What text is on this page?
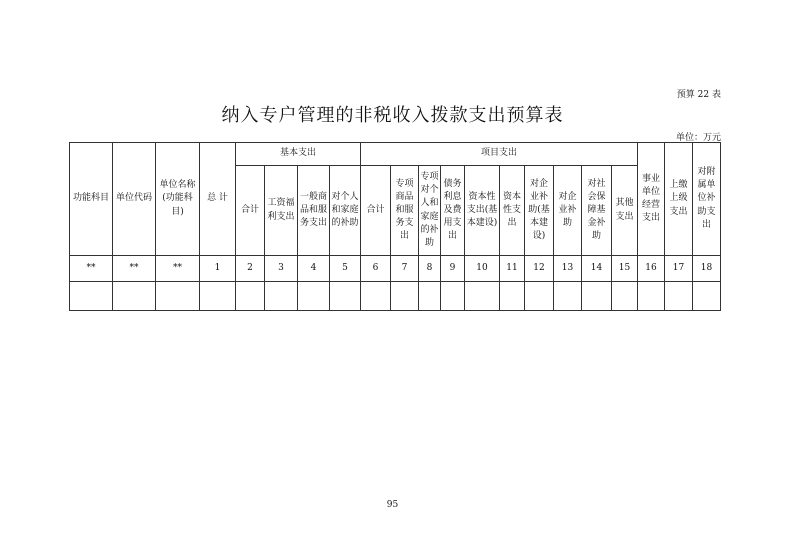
预算 22 表
纳入专户管理的非税收入拨款支出预算表
单位：万元
功能科目	单位代码	单位名称(功能科目)	总 计	基本支出				项目支出										事业单位经营支出	上缴上级支出	对附属单位补助支出
				合计	工资福利支出	一般商品和服务支出	对个人和家庭的补助	合计	专项商品和服务支出	专项对个人和家庭的补助	债务利息及费用支出	资本性支出(基本建设)	资本性支出	对企业补助(基本建设)	对企业补助	对社会保障基金补助	其他支出			
**	**	**	1	2	3	4	5	6	7	8	9	10	11	12	13	14	15	16	17	18

95
